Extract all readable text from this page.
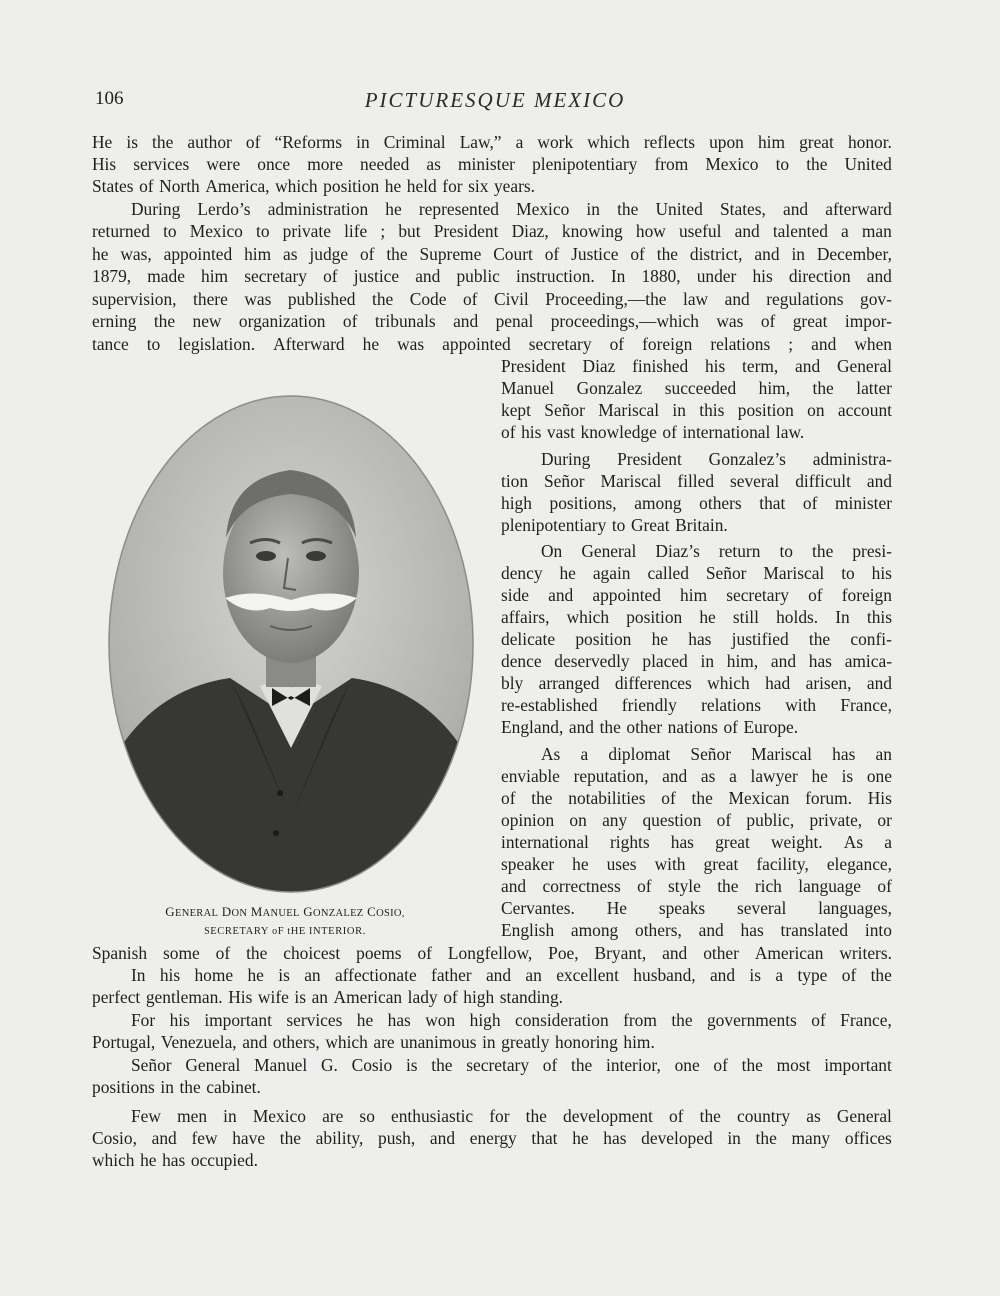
106	PICTURESQUE MEXICO
GENERAL DON MANUEL GONZALEZ COSIO,
SECRETARY oF tHE INTERIOR.
He is the author of “Reforms in Criminal Law,” a work which reflects upon him great honor.
His services were once more needed as minister plenipotentiary from Mexico to the United
States of North America, which position he held for six years.
During Lerdo’s administration he represented Mexico in the United States, and afterward
returned to Mexico to private life ; but President Diaz, knowing how useful and talented a man
he was, appointed him as judge of the Supreme Court of Justice of the district, and in December,
1879, made him secretary of justice and public instruction. In 1880, under his direction and
supervision, there was published the Code of Civil Proceeding,—the law and regulations gov-
erning the new organization of tribunals and penal proceedings,—which was of great impor-
tance to legislation. Afterward he was appointed secretary of foreign relations ; and when
President Diaz finished his term, and General
Manuel Gonzalez succeeded him, the latter
kept Señor Mariscal in this position on account
of his vast knowledge of international law.
During President Gonzalez’s administra-
tion Señor Mariscal filled several difficult and
high positions, among others that of minister
plenipotentiary to Great Britain.
On General Diaz’s return to the presi-
dency he again called Señor Mariscal to his
side and appointed him secretary of foreign
affairs, which position he still holds. In this
delicate position he has justified the confi-
dence deservedly placed in him, and has amica-
bly arranged differences which had arisen, and
re-established friendly relations with France,
England, and the other nations of Europe.
As a diplomat Señor Mariscal has an
enviable reputation, and as a lawyer he is one
of the notabilities of the Mexican forum. His
opinion on any question of public, private, or
international rights has great weight. As a
speaker he uses with great facility, elegance,
and correctness of style the rich language of
Cervantes. He speaks several languages,
English among others, and has translated into
Spanish some of the choicest poems of Longfellow, Poe, Bryant, and other American writers.
In his home he is an affectionate father and an excellent husband, and is a type of the
perfect gentleman. His wife is an American lady of high standing.
For his important services he has won high consideration from the governments of France,
Portugal, Venezuela, and others, which are unanimous in greatly honoring him.
Señor General Manuel G. Cosio is the secretary of the interior, one of the most important
positions in the cabinet.
Few men in Mexico are so enthusiastic for the development of the country as General
Cosio, and few have the ability, push, and energy that he has developed in the many offices
which he has occupied.
